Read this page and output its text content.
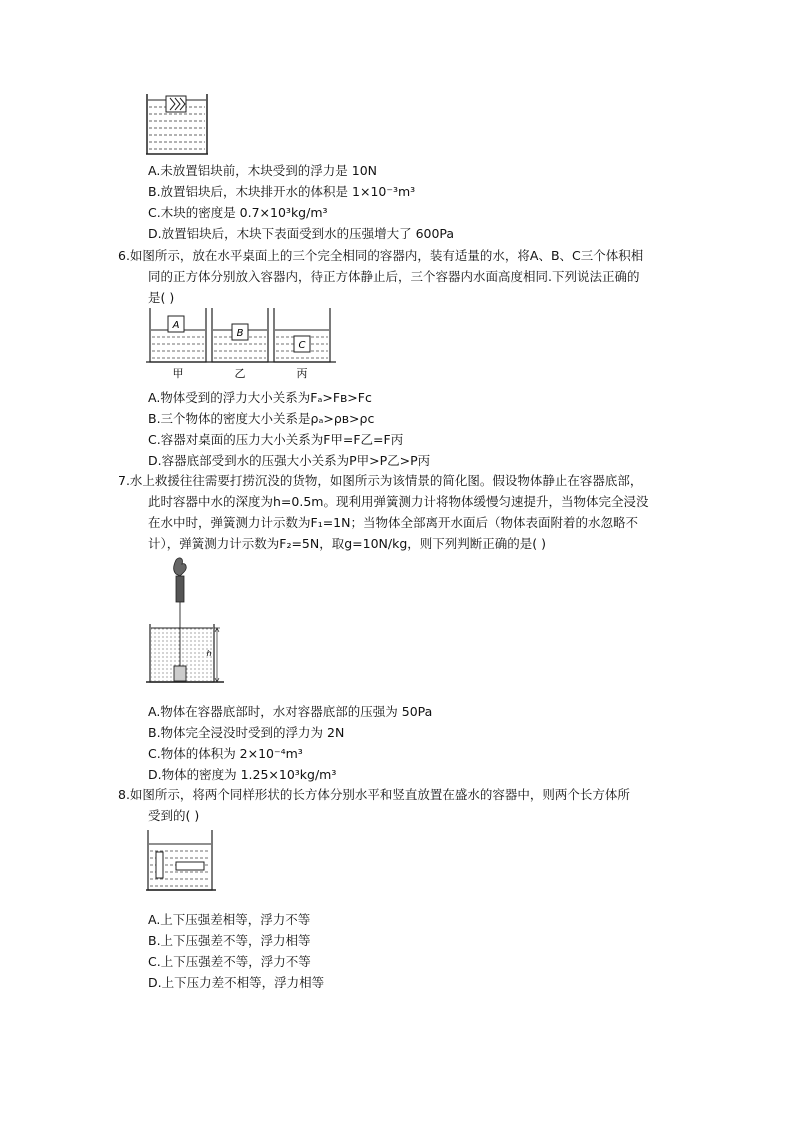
A.未放置铝块前，木块受到的浮力是 10N
B.放置铝块后，木块排开水的体积是 1×10⁻³m³
C.木块的密度是 0.7×10³kg/m³
D.放置铝块后，木块下表面受到水的压强增大了 600Pa
6.如图所示，放在水平桌面上的三个完全相同的容器内，装有适量的水，将A、B、C三个体积相
同的正方体分别放入容器内，待正方体静止后，三个容器内水面高度相同.下列说法正确的
是( )
A
B
C
甲	乙	丙
A.物体受到的浮力大小关系为Fₐ>Fʙ>Fᴄ
B.三个物体的密度大小关系是ρₐ>ρʙ>ρᴄ
C.容器对桌面的压力大小关系为F甲=F乙=F丙
D.容器底部受到水的压强大小关系为P甲>P乙>P丙
7.水上救援往往需要打捞沉没的货物，如图所示为该情景的简化图。假设物体静止在容器底部，
此时容器中水的深度为h=0.5m。现利用弹簧测力计将物体缓慢匀速提升，当物体完全浸没
在水中时，弹簧测力计示数为F₁=1N；当物体全部离开水面后（物体表面附着的水忽略不
计），弹簧测力计示数为F₂=5N，取g=10N/kg，则下列判断正确的是( )
h
A.物体在容器底部时，水对容器底部的压强为 50Pa
B.物体完全浸没时受到的浮力为 2N
C.物体的体积为 2×10⁻⁴m³
D.物体的密度为 1.25×10³kg/m³
8.如图所示，将两个同样形状的长方体分别水平和竖直放置在盛水的容器中，则两个长方体所
受到的( )
A.上下压强差相等，浮力不等
B.上下压强差不等，浮力相等
C.上下压强差不等，浮力不等
D.上下压力差不相等，浮力相等
